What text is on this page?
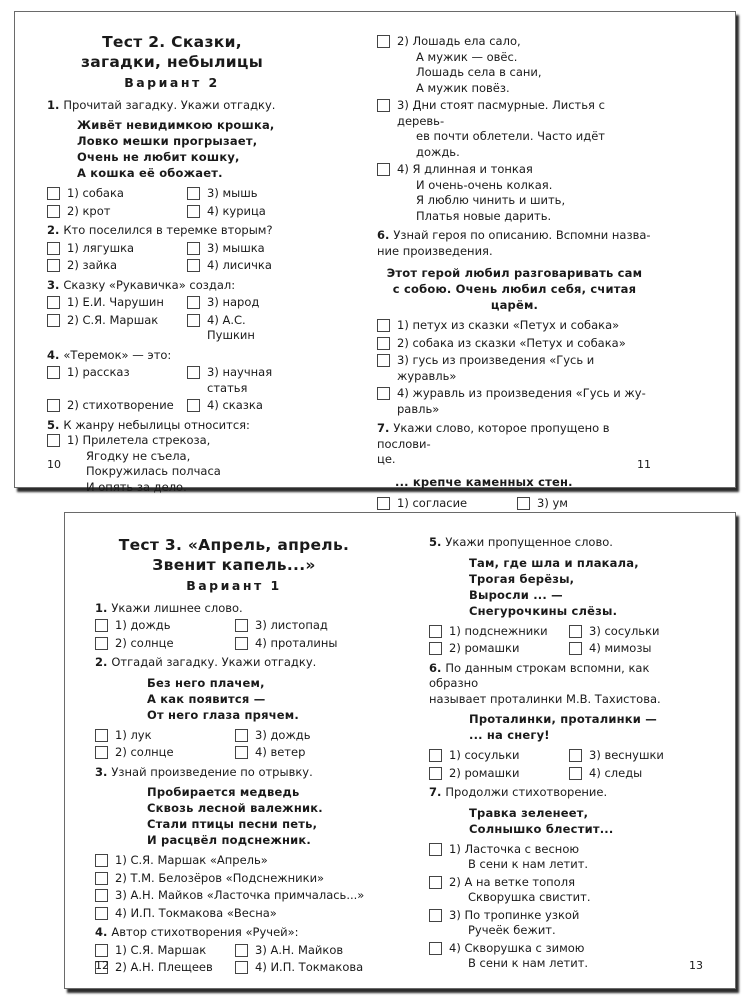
Тест 2. Сказки,
загадки, небылицы
Вариант 2
1. Прочитай загадку. Укажи отгадку.
Живёт невидимкою крошка,
Ловко мешки прогрызает,
Очень не любит кошку,
А кошка её обожает.
1) собака	3) мышь
2) крот	4) курица
2. Кто поселился в теремке вторым?
1) лягушка	3) мышка
2) зайка	4) лисичка
3. Сказку «Рукавичка» создал:
1) Е.И. Чарушин	3) народ
2) С.Я. Маршак	4) А.С. Пушкин
4. «Теремок» — это:
1) рассказ	3) научная статья
2) стихотворение	4) сказка
5. К жанру небылицы относится:
1) Прилетела стрекоза,
Ягодку не съела,
Покружилась полчаса
И опять за дело.
10
2) Лошадь ела сало,
А мужик — овёс.
Лошадь села в сани,
А мужик повёз.
3) Дни стоят пасмурные. Листья с деревь-
ев почти облетели. Часто идёт дождь.
4) Я длинная и тонкая
И очень-очень колкая.
Я люблю чинить и шить,
Платья новые дарить.
6. Узнай героя по описанию. Вспомни назва-
ние произведения.
Этот герой любил разговаривать сам
с собою. Очень любил себя, считая царём.
1) петух из сказки «Петух и собака»
2) собака из сказки «Петух и собака»
3) гусь из произведения «Гусь и журавль»
4) журавль из произведения «Гусь и жу-
равль»
7. Укажи слово, которое пропущено в послови-
це.
... крепче каменных стен.
1) согласие	3) ум
11
Тест 3. «Апрель, апрель.
Звенит капель...»
Вариант 1
1. Укажи лишнее слово.
1) дождь	3) листопад
2) солнце	4) проталины
2. Отгадай загадку. Укажи отгадку.
Без него плачем,
А как появится —
От него глаза прячем.
1) лук	3) дождь
2) солнце	4) ветер
3. Узнай произведение по отрывку.
Пробирается медведь
Сквозь лесной валежник.
Стали птицы песни петь,
И расцвёл подснежник.
1) С.Я. Маршак «Апрель»
2) Т.М. Белозёров «Подснежники»
3) А.Н. Майков «Ласточка примчалась...»
4) И.П. Токмакова «Весна»
4. Автор стихотворения «Ручей»:
1) С.Я. Маршак	3) А.Н. Майков
2) А.Н. Плещеев	4) И.П. Токмакова
12
5. Укажи пропущенное слово.
Там, где шла и плакала,
Трогая берёзы,
Выросли ... —
Снегурочкины слёзы.
1) подснежники	3) сосульки
2) ромашки	4) мимозы
6. По данным строкам вспомни, как образно
называет проталинки М.В. Тахистова.
Проталинки, проталинки —
... на снегу!
1) сосульки	3) веснушки
2) ромашки	4) следы
7. Продолжи стихотворение.
Травка зеленеет,
Солнышко блестит...
1) Ласточка с весною
В сени к нам летит.
2) А на ветке тополя
Скворушка свистит.
3) По тропинке узкой
Ручеёк бежит.
4) Скворушка с зимою
В сени к нам летит.	13
